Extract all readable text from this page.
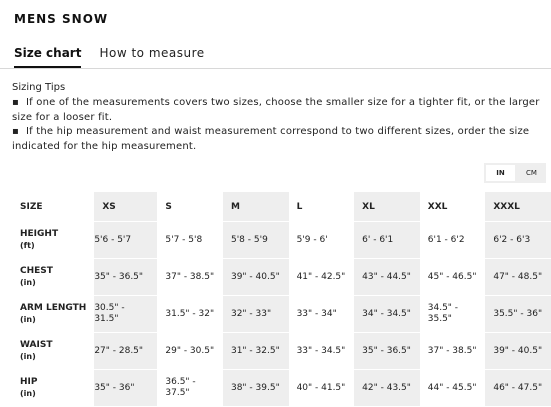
MENS SNOW
Size chart How to measure
Sizing Tips

▪ If one of the measurements covers two sizes, choose the smaller size for a tighter fit, or the larger size for a looser fit.

▪ If the hip measurement and waist measurement correspond to two different sizes, order the size indicated for the hip measurement.

IN	CM
SIZE	XS	S	M	L	XL	XXL	XXXL

HEIGHT
(ft)	5'6 - 5'7	5'7 - 5'8	5'8 - 5'9	5'9 - 6'	6' - 6'1	6'1 - 6'2	6'2 - 6'3

CHEST
(in)	35" - 36.5"	37" - 38.5"	39" - 40.5"	41" - 42.5"	43" - 44.5"	45" - 46.5"	47" - 48.5"

ARM LENGTH
(in)	30.5" - 31.5"	31.5" - 32"	32" - 33"	33" - 34"	34" - 34.5"	34.5" - 35.5"	35.5" - 36"

WAIST
(in)	27" - 28.5"	29" - 30.5"	31" - 32.5"	33" - 34.5"	35" - 36.5"	37" - 38.5"	39" - 40.5"

HIP
(in)	35" - 36"	36.5" - 37.5"	38" - 39.5"	40" - 41.5"	42" - 43.5"	44" - 45.5"	46" - 47.5"
